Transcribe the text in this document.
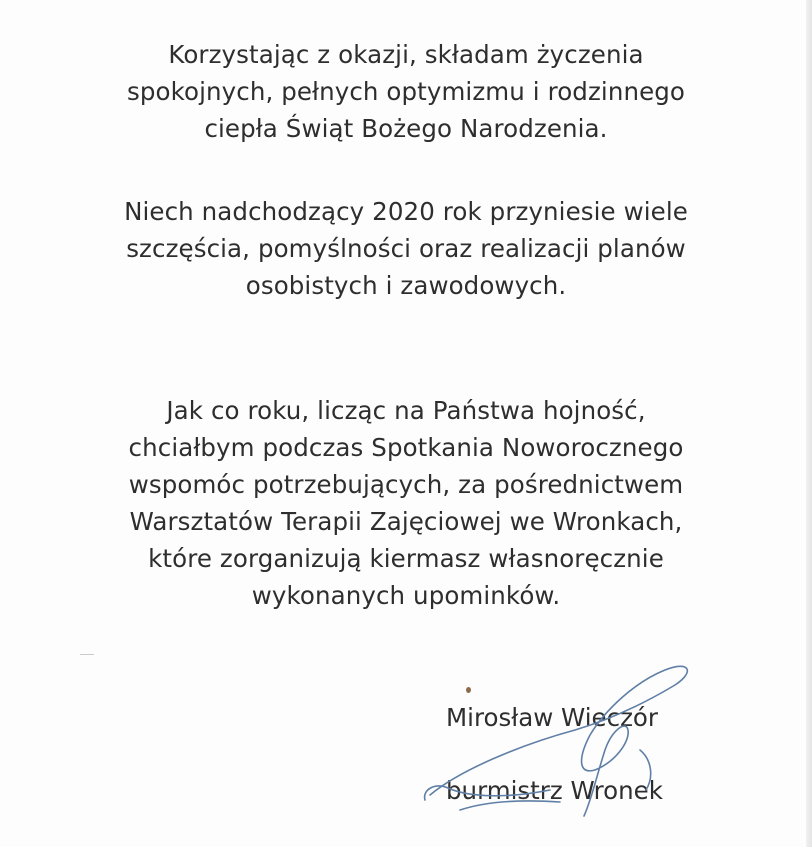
Korzystając z okazji, składam życzenia
spokojnych, pełnych optymizmu i rodzinnego
ciepła Świąt Bożego Narodzenia.
Niech nadchodzący 2020 rok przyniesie wiele
szczęścia, pomyślności oraz realizacji planów
osobistych i zawodowych.
Jak co roku, licząc na Państwa hojność,
chciałbym podczas Spotkania Noworocznego
wspomóc potrzebujących, za pośrednictwem
Warsztatów Terapii Zajęciowej we Wronkach,
które zorganizują kiermasz własnoręcznie
wykonanych upominków.
Mirosław Wieczór
burmistrz Wronek
